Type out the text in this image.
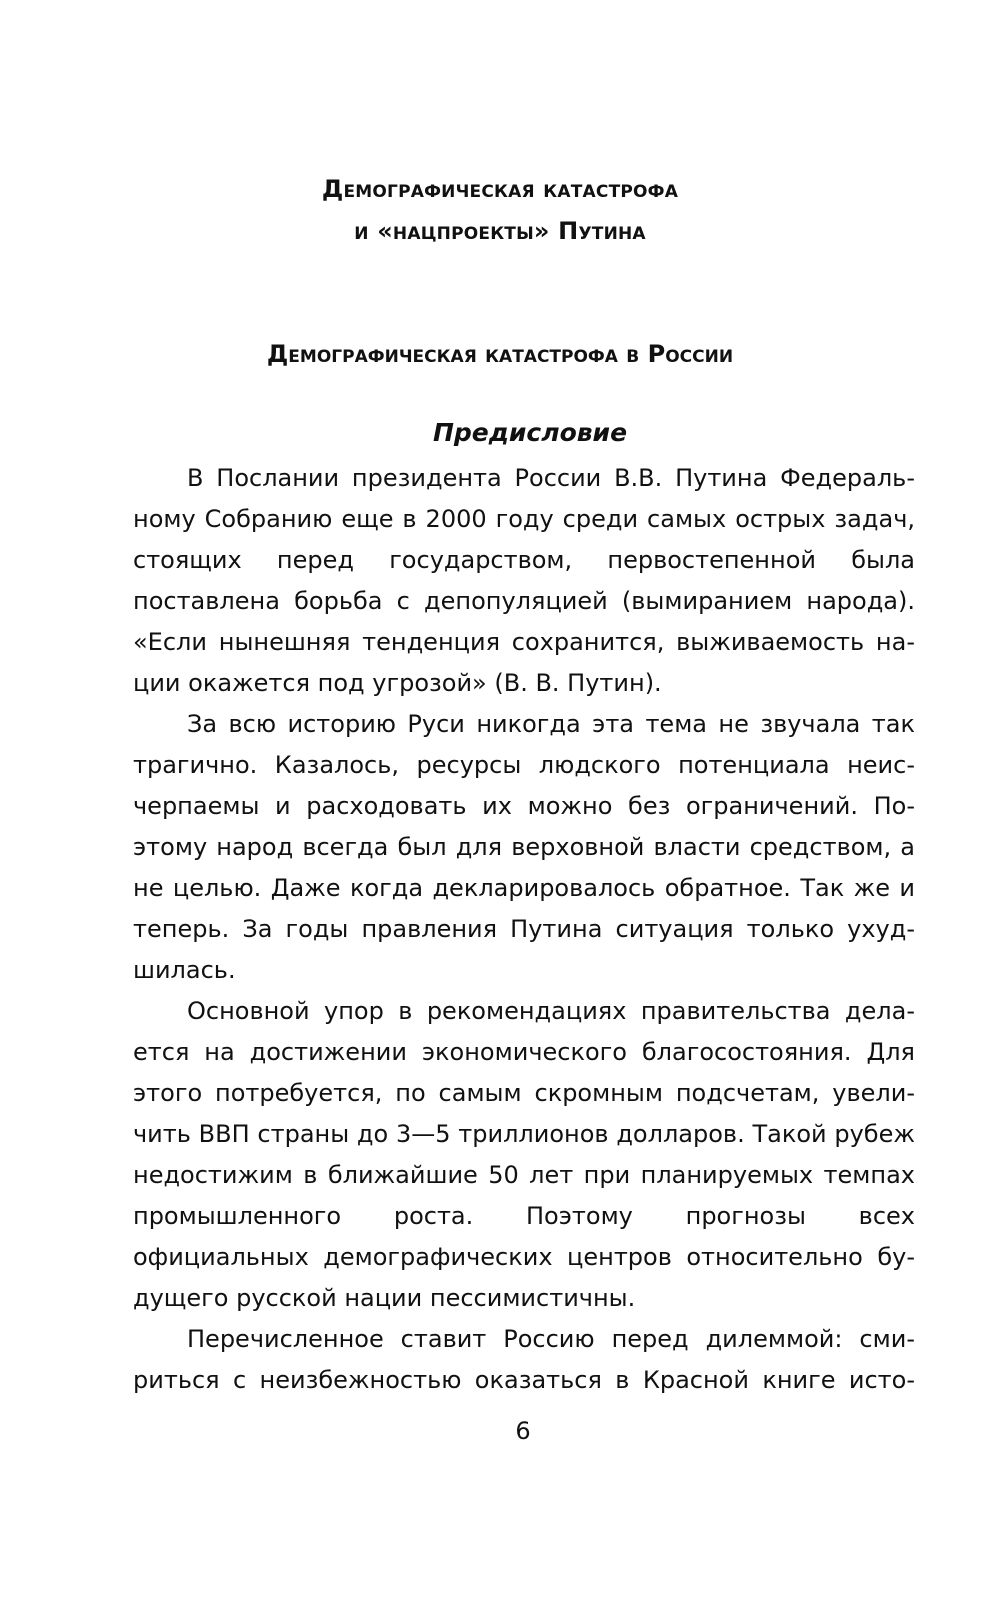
Демографическая катастрофа
и «нацпроекты» Путина
Демографическая катастрофа в России
Предисловие

В Послании президента России В.В. Путина Федеральному Собранию еще в 2000 году среди самых острых задач, стоящих перед государством, первостепенной была поставлена борьба с депопуляцией (вымиранием народа). «Если нынешняя тенденция сохранится, выживаемость нации окажется под угрозой» (В. В. Путин).

За всю историю Руси никогда эта тема не звучала так трагично. Казалось, ресурсы людского потенциала неисчерпаемы и расходовать их можно без ограничений. Поэтому народ всегда был для верховной власти средством, а не целью. Даже когда декларировалось обратное. Так же и теперь. За годы правления Путина ситуация только ухудшилась.

Основной упор в рекомендациях правительства делается на достижении экономического благосостояния. Для этого потребуется, по самым скромным подсчетам, увеличить ВВП страны до 3—5 триллионов долларов. Такой рубеж недостижим в ближайшие 50 лет при планируемых темпах промышленного роста. Поэтому прогнозы всех официальных демографических центров относительно будущего русской нации пессимистичны.

Перечисленное ставит Россию перед дилеммой: смириться с неизбежностью оказаться в Красной книге исто-

6
